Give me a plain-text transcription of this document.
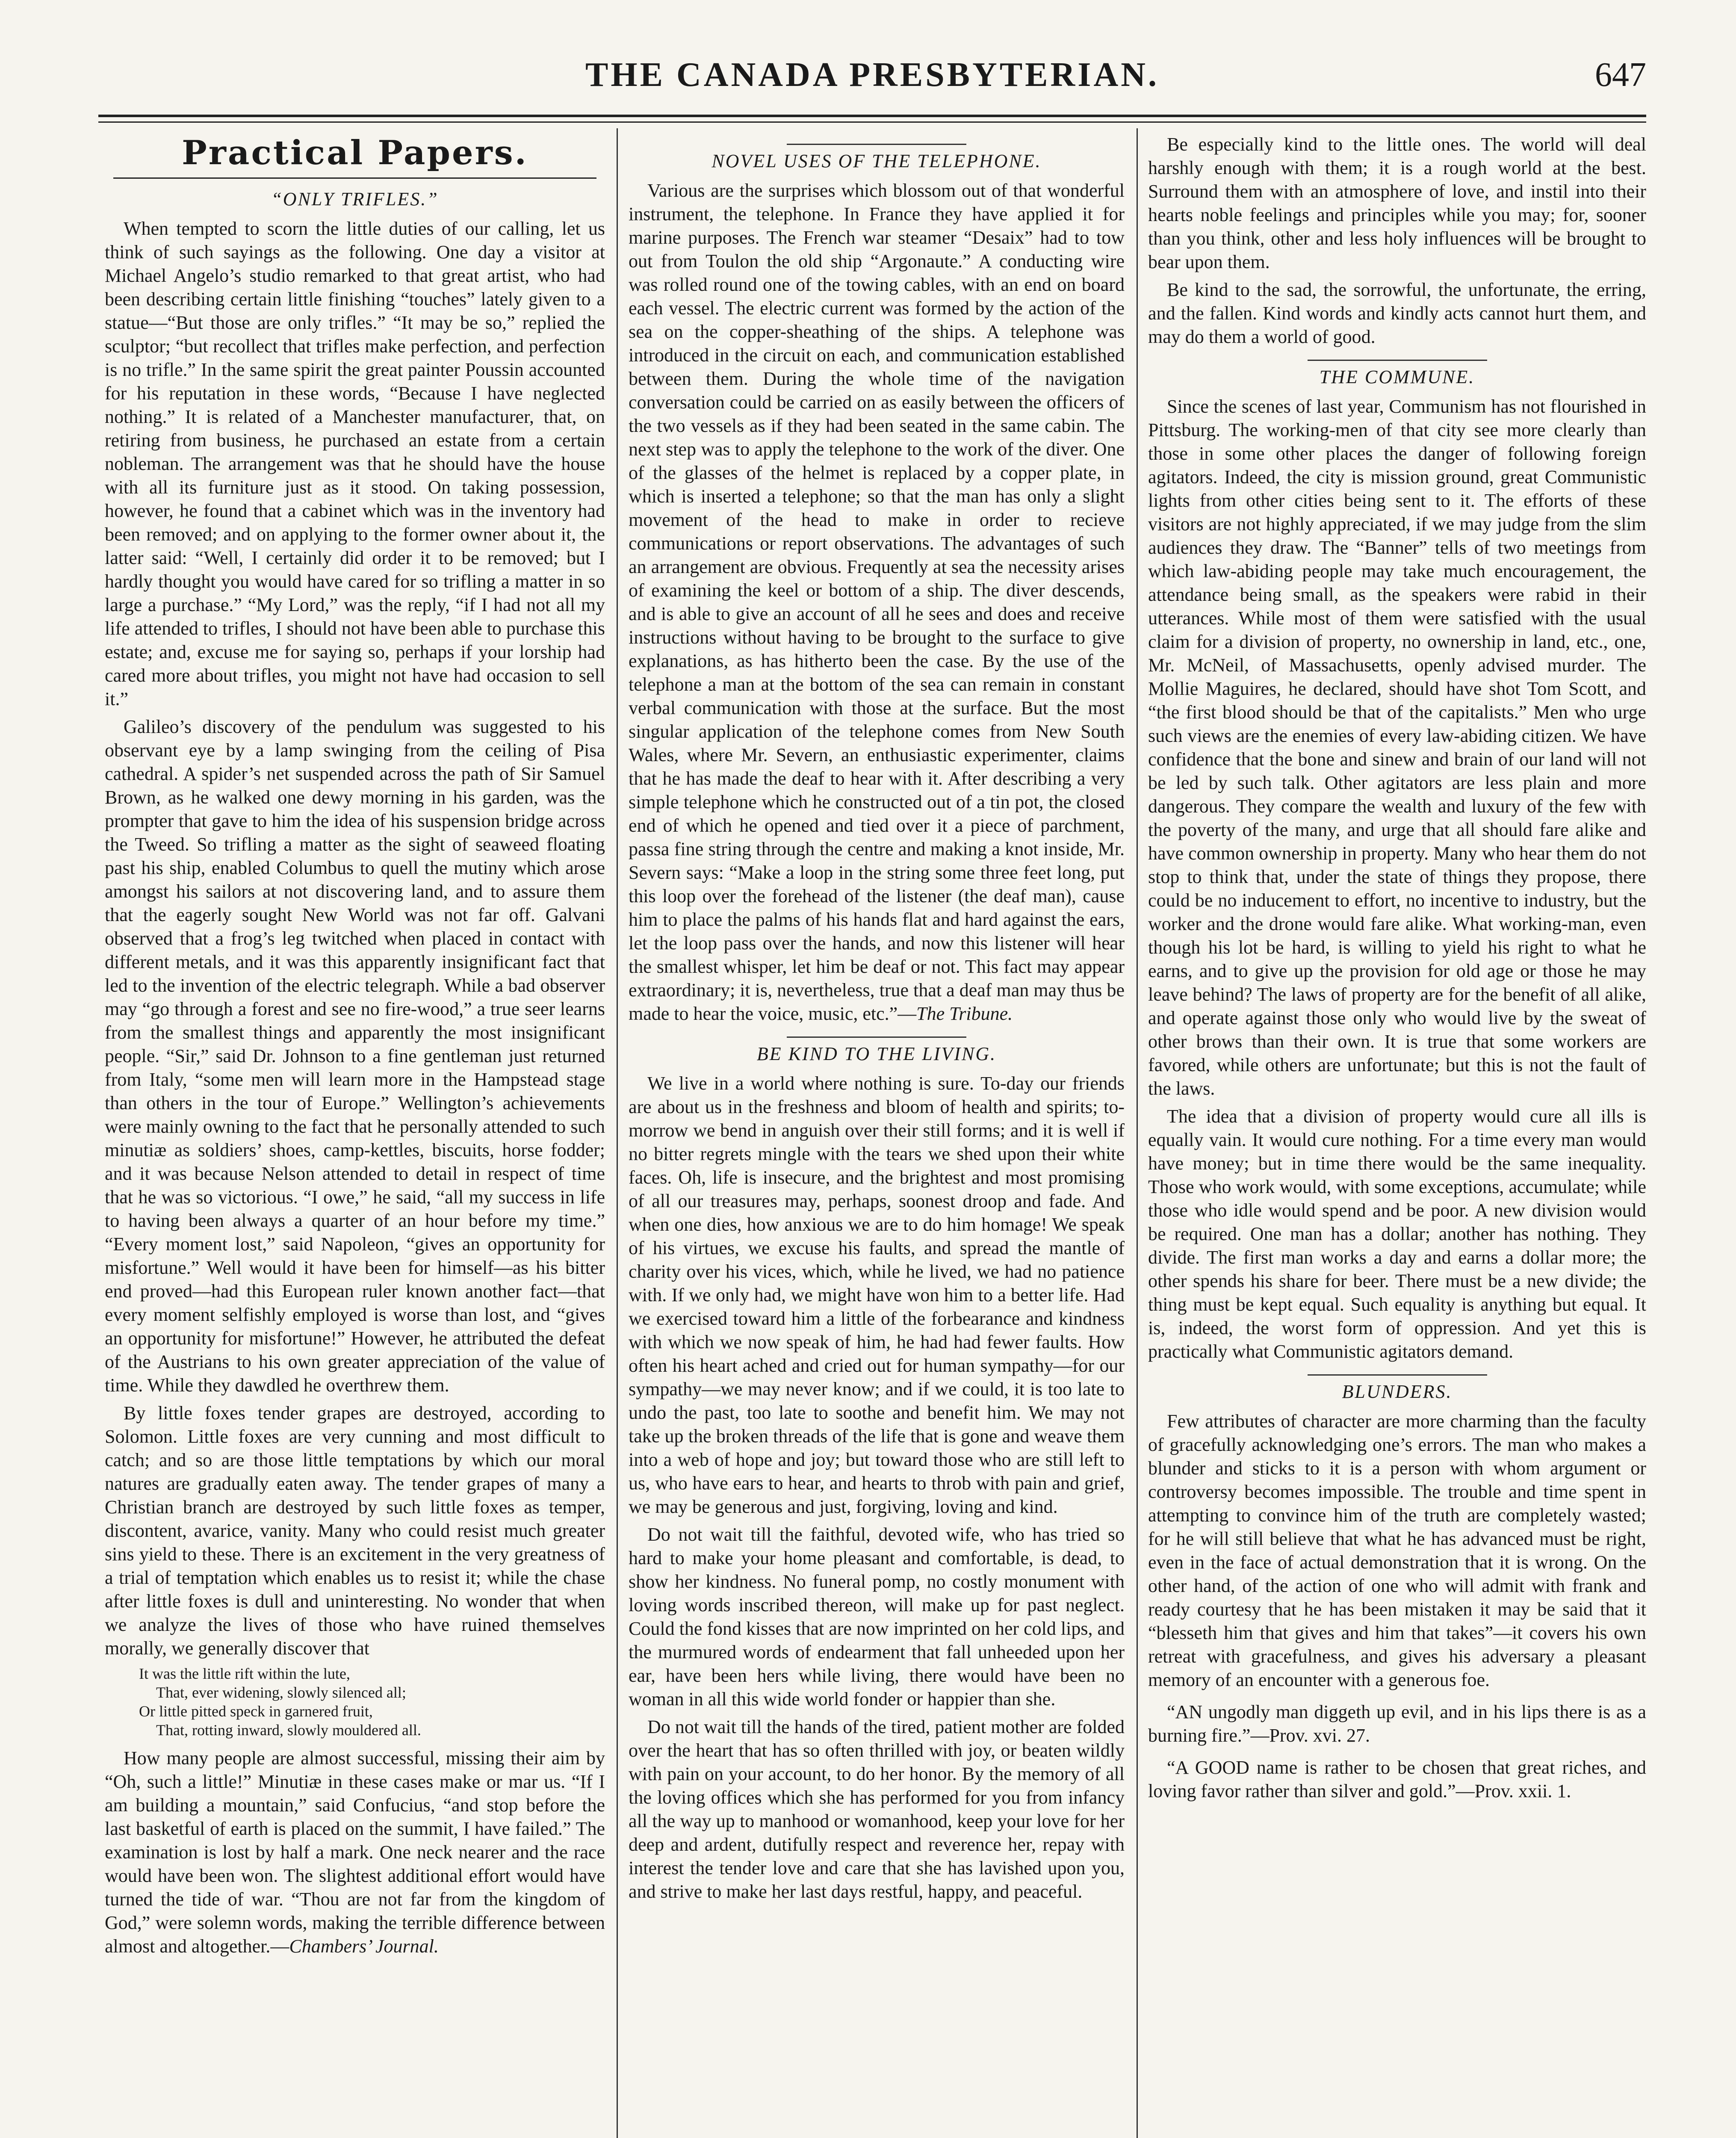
THE CANADA PRESBYTERIAN.	647
Practical Papers.
“ONLY TRIFLES.”

When tempted to scorn the little duties of our calling, let us think of such sayings as the following. One day a visitor at Michael Angelo’s studio remarked to that great artist, who had been describing certain little finishing “touches” lately given to a statue—“But those are only trifles.” “It may be so,” replied the sculptor; “but recollect that trifles make perfection, and perfection is no trifle.” In the same spirit the great painter Poussin accounted for his reputation in these words, “Because I have neglected nothing.” It is related of a Manchester manufacturer, that, on retiring from business, he purchased an estate from a certain nobleman. The arrangement was that he should have the house with all its furniture just as it stood. On taking possession, however, he found that a cabinet which was in the inventory had been removed; and on applying to the former owner about it, the latter said: “Well, I certainly did order it to be removed; but I hardly thought you would have cared for so trifling a matter in so large a purchase.” “My Lord,” was the reply, “if I had not all my life attended to trifles, I should not have been able to purchase this estate; and, excuse me for saying so, perhaps if your lorship had cared more about trifles, you might not have had occasion to sell it.”

Galileo’s discovery of the pendulum was suggested to his observant eye by a lamp swinging from the ceiling of Pisa cathedral. A spider’s net suspended across the path of Sir Samuel Brown, as he walked one dewy morning in his garden, was the prompter that gave to him the idea of his suspension bridge across the Tweed. So trifling a matter as the sight of seaweed floating past his ship, enabled Columbus to quell the mutiny which arose amongst his sailors at not discovering land, and to assure them that the eagerly sought New World was not far off. Galvani observed that a frog’s leg twitched when placed in contact with different metals, and it was this apparently insignificant fact that led to the invention of the electric telegraph. While a bad observer may “go through a forest and see no fire-wood,” a true seer learns from the smallest things and apparently the most insignificant people. “Sir,” said Dr. Johnson to a fine gentleman just returned from Italy, “some men will learn more in the Hampstead stage than others in the tour of Europe.” Wellington’s achievements were mainly owning to the fact that he personally attended to such minutiæ as soldiers’ shoes, camp-kettles, biscuits, horse fodder; and it was because Nelson attended to detail in respect of time that he was so victorious. “I owe,” he said, “all my success in life to having been always a quarter of an hour before my time.” “Every moment lost,” said Napoleon, “gives an opportunity for misfortune.” Well would it have been for himself—as his bitter end proved—had this European ruler known another fact—that every moment selfishly employed is worse than lost, and “gives an opportunity for misfortune!” However, he attributed the defeat of the Austrians to his own greater appreciation of the value of time. While they dawdled he overthrew them.

By little foxes tender grapes are destroyed, according to Solomon. Little foxes are very cunning and most difficult to catch; and so are those little temptations by which our moral natures are gradually eaten away. The tender grapes of many a Christian branch are destroyed by such little foxes as temper, discontent, avarice, vanity. Many who could resist much greater sins yield to these. There is an excitement in the very greatness of a trial of temptation which enables us to resist it; while the chase after little foxes is dull and uninteresting. No wonder that when we analyze the lives of those who have ruined themselves morally, we generally discover that

It was the little rift within the lute,
That, ever widening, slowly silenced all;
Or little pitted speck in garnered fruit,
That, rotting inward, slowly mouldered all.

How many people are almost successful, missing their aim by “Oh, such a little!” Minutiæ in these cases make or mar us. “If I am building a mountain,” said Confucius, “and stop before the last basketful of earth is placed on the summit, I have failed.” The examination is lost by half a mark. One neck nearer and the race would have been won. The slightest additional effort would have turned the tide of war. “Thou are not far from the kingdom of God,” were solemn words, making the terrible difference between almost and altogether.—Chambers’ Journal.

NOVEL USES OF THE TELEPHONE.

Various are the surprises which blossom out of that wonderful instrument, the telephone. In France they have applied it for marine purposes. The French war steamer “Desaix” had to tow out from Toulon the old ship “Argonaute.” A conducting wire was rolled round one of the towing cables, with an end on board each vessel. The electric current was formed by the action of the sea on the copper-sheathing of the ships. A telephone was introduced in the circuit on each, and communication established between them. During the whole time of the navigation conversation could be carried on as easily between the officers of the two vessels as if they had been seated in the same cabin. The next step was to apply the telephone to the work of the diver. One of the glasses of the helmet is replaced by a copper plate, in which is inserted a telephone; so that the man has only a slight movement of the head to make in order to recieve communications or report observations. The advantages of such an arrangement are obvious. Frequently at sea the necessity arises of examining the keel or bottom of a ship. The diver descends, and is able to give an account of all he sees and does and receive instructions without having to be brought to the surface to give explanations, as has hitherto been the case. By the use of the telephone a man at the bottom of the sea can remain in constant verbal communication with those at the surface. But the most singular application of the telephone comes from New South Wales, where Mr. Severn, an enthusiastic experimenter, claims that he has made the deaf to hear with it. After describing a very simple telephone which he constructed out of a tin pot, the closed end of which he opened and tied over it a piece of parchment, passa fine string through the centre and making a knot inside, Mr. Severn says: “Make a loop in the string some three feet long, put this loop over the forehead of the listener (the deaf man), cause him to place the palms of his hands flat and hard against the ears, let the loop pass over the hands, and now this listener will hear the smallest whisper, let him be deaf or not. This fact may appear extraordinary; it is, nevertheless, true that a deaf man may thus be made to hear the voice, music, etc.”—The Tribune.

BE KIND TO THE LIVING.

We live in a world where nothing is sure. To-day our friends are about us in the freshness and bloom of health and spirits; to-morrow we bend in anguish over their still forms; and it is well if no bitter regrets mingle with the tears we shed upon their white faces. Oh, life is insecure, and the brightest and most promising of all our treasures may, perhaps, soonest droop and fade. And when one dies, how anxious we are to do him homage! We speak of his virtues, we excuse his faults, and spread the mantle of charity over his vices, which, while he lived, we had no patience with. If we only had, we might have won him to a better life. Had we exercised toward him a little of the forbearance and kindness with which we now speak of him, he had had fewer faults. How often his heart ached and cried out for human sympathy—for our sympathy—we may never know; and if we could, it is too late to undo the past, too late to soothe and benefit him. We may not take up the broken threads of the life that is gone and weave them into a web of hope and joy; but toward those who are still left to us, who have ears to hear, and hearts to throb with pain and grief, we may be generous and just, forgiving, loving and kind.

Do not wait till the faithful, devoted wife, who has tried so hard to make your home pleasant and comfortable, is dead, to show her kindness. No funeral pomp, no costly monument with loving words inscribed thereon, will make up for past neglect. Could the fond kisses that are now imprinted on her cold lips, and the murmured words of endearment that fall unheeded upon her ear, have been hers while living, there would have been no woman in all this wide world fonder or happier than she.

Do not wait till the hands of the tired, patient mother are folded over the heart that has so often thrilled with joy, or beaten wildly with pain on your account, to do her honor. By the memory of all the loving offices which she has performed for you from infancy all the way up to manhood or womanhood, keep your love for her deep and ardent, dutifully respect and reverence her, repay with interest the tender love and care that she has lavished upon you, and strive to make her last days restful, happy, and peaceful.

Be especially kind to the little ones. The world will deal harshly enough with them; it is a rough world at the best. Surround them with an atmosphere of love, and instil into their hearts noble feelings and principles while you may; for, sooner than you think, other and less holy influences will be brought to bear upon them.

Be kind to the sad, the sorrowful, the unfortunate, the erring, and the fallen. Kind words and kindly acts cannot hurt them, and may do them a world of good.

THE COMMUNE.

Since the scenes of last year, Communism has not flourished in Pittsburg. The working-men of that city see more clearly than those in some other places the danger of following foreign agitators. Indeed, the city is mission ground, great Communistic lights from other cities being sent to it. The efforts of these visitors are not highly appreciated, if we may judge from the slim audiences they draw. The “Banner” tells of two meetings from which law-abiding people may take much encouragement, the attendance being small, as the speakers were rabid in their utterances. While most of them were satisfied with the usual claim for a division of property, no ownership in land, etc., one, Mr. McNeil, of Massachusetts, openly advised murder. The Mollie Maguires, he declared, should have shot Tom Scott, and “the first blood should be that of the capitalists.” Men who urge such views are the enemies of every law-abiding citizen. We have confidence that the bone and sinew and brain of our land will not be led by such talk. Other agitators are less plain and more dangerous. They compare the wealth and luxury of the few with the poverty of the many, and urge that all should fare alike and have common ownership in property. Many who hear them do not stop to think that, under the state of things they propose, there could be no inducement to effort, no incentive to industry, but the worker and the drone would fare alike. What working-man, even though his lot be hard, is willing to yield his right to what he earns, and to give up the provision for old age or those he may leave behind? The laws of property are for the benefit of all alike, and operate against those only who would live by the sweat of other brows than their own. It is true that some workers are favored, while others are unfortunate; but this is not the fault of the laws.

The idea that a division of property would cure all ills is equally vain. It would cure nothing. For a time every man would have money; but in time there would be the same inequality. Those who work would, with some exceptions, accumulate; while those who idle would spend and be poor. A new division would be required. One man has a dollar; another has nothing. They divide. The first man works a day and earns a dollar more; the other spends his share for beer. There must be a new divide; the thing must be kept equal. Such equality is anything but equal. It is, indeed, the worst form of oppression. And yet this is practically what Communistic agitators demand.

BLUNDERS.

Few attributes of character are more charming than the faculty of gracefully acknowledging one’s errors. The man who makes a blunder and sticks to it is a person with whom argument or controversy becomes impossible. The trouble and time spent in attempting to convince him of the truth are completely wasted; for he will still believe that what he has advanced must be right, even in the face of actual demonstration that it is wrong. On the other hand, of the action of one who will admit with frank and ready courtesy that he has been mistaken it may be said that it “blesseth him that gives and him that takes”—it covers his own retreat with gracefulness, and gives his adversary a pleasant memory of an encounter with a generous foe.

“AN ungodly man diggeth up evil, and in his lips there is as a burning fire.”—Prov. xvi. 27.

“A GOOD name is rather to be chosen that great riches, and loving favor rather than silver and gold.”—Prov. xxii. 1.
